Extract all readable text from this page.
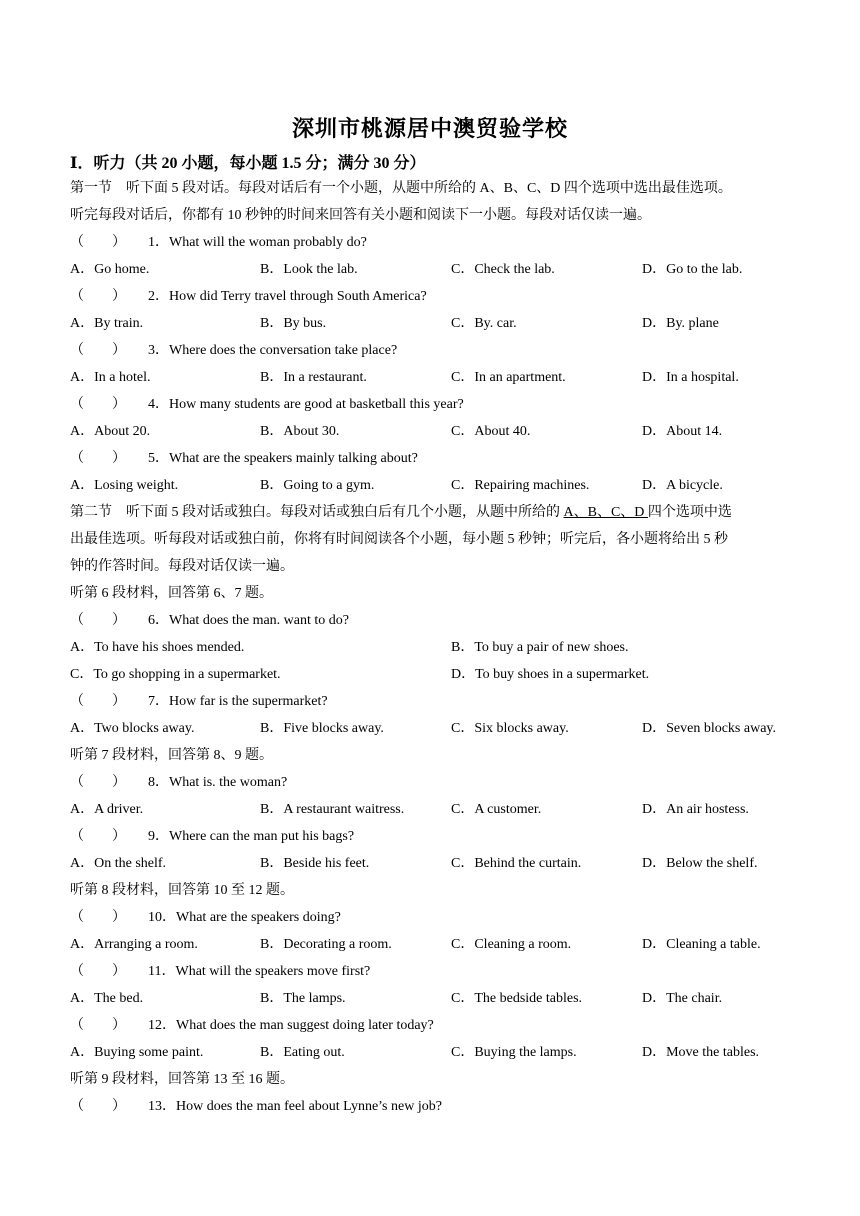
深圳市桃源居中澳贸验学校
Ⅰ．听力（共 20 小题，每小题 1.5 分；满分 30 分）
第一节　听下面 5 段对话。每段对话后有一个小题，从题中所给的 A、B、C、D 四个选项中选出最佳选项。
听完每段对话后，你都有 10 秒钟的时间来回答有关小题和阅读下一小题。每段对话仅读一遍。
（　　） 1．What will the woman probably do?
A．Go home.	B．Look the lab.	C．Check the lab.	D．Go to the lab.
（　　） 2．How did Terry travel through South America?
A．By train.	B．By bus.	C．By. car.	D．By. plane
（　　） 3．Where does the conversation take place?
A．In a hotel.	B．In a restaurant.	C．In an apartment.	D．In a hospital.
（　　） 4．How many students are good at basketball this year?
A．About 20.	B．About 30.	C．About 40.	D．About 14.
（　　） 5．What are the speakers mainly talking about?
A．Losing weight.	B．Going to a gym.	C．Repairing machines.	D．A bicycle.
第二节　听下面 5 段对话或独白。每段对话或独白后有几个小题，从题中所给的 A、B、C、D 四个选项中选
出最佳选项。听每段对话或独白前，你将有时间阅读各个小题，每小题 5 秒钟；听完后，各小题将给出 5 秒
钟的作答时间。每段对话仅读一遍。
听第 6 段材料，回答第 6、7 题。
（　　） 6．What does the man. want to do?
A．To have his shoes mended.	B．To buy a pair of new shoes.
C．To go shopping in a supermarket.	D．To buy shoes in a supermarket.
（　　） 7．How far is the supermarket?
A．Two blocks away.	B．Five blocks away.	C．Six blocks away.	D．Seven blocks away.
听第 7 段材料，回答第 8、9 题。
（　　） 8．What is. the woman?
A．A driver.	B．A restaurant waitress.	C．A customer.	D．An air hostess.
（　　） 9．Where can the man put his bags?
A．On the shelf.	B．Beside his feet.	C．Behind the curtain.	D．Below the shelf.
听第 8 段材料，回答第 10 至 12 题。
（　　） 10．What are the speakers doing?
A．Arranging a room.	B．Decorating a room.	C．Cleaning a room.	D．Cleaning a table.
（　　） 11．What will the speakers move first?
A．The bed.	B．The lamps.	C．The bedside tables.	D．The chair.
（　　） 12．What does the man suggest doing later today?
A．Buying some paint.	B．Eating out.	C．Buying the lamps.	D．Move the tables.
听第 9 段材料，回答第 13 至 16 题。
（　　） 13．How does the man feel about Lynne’s new job?
